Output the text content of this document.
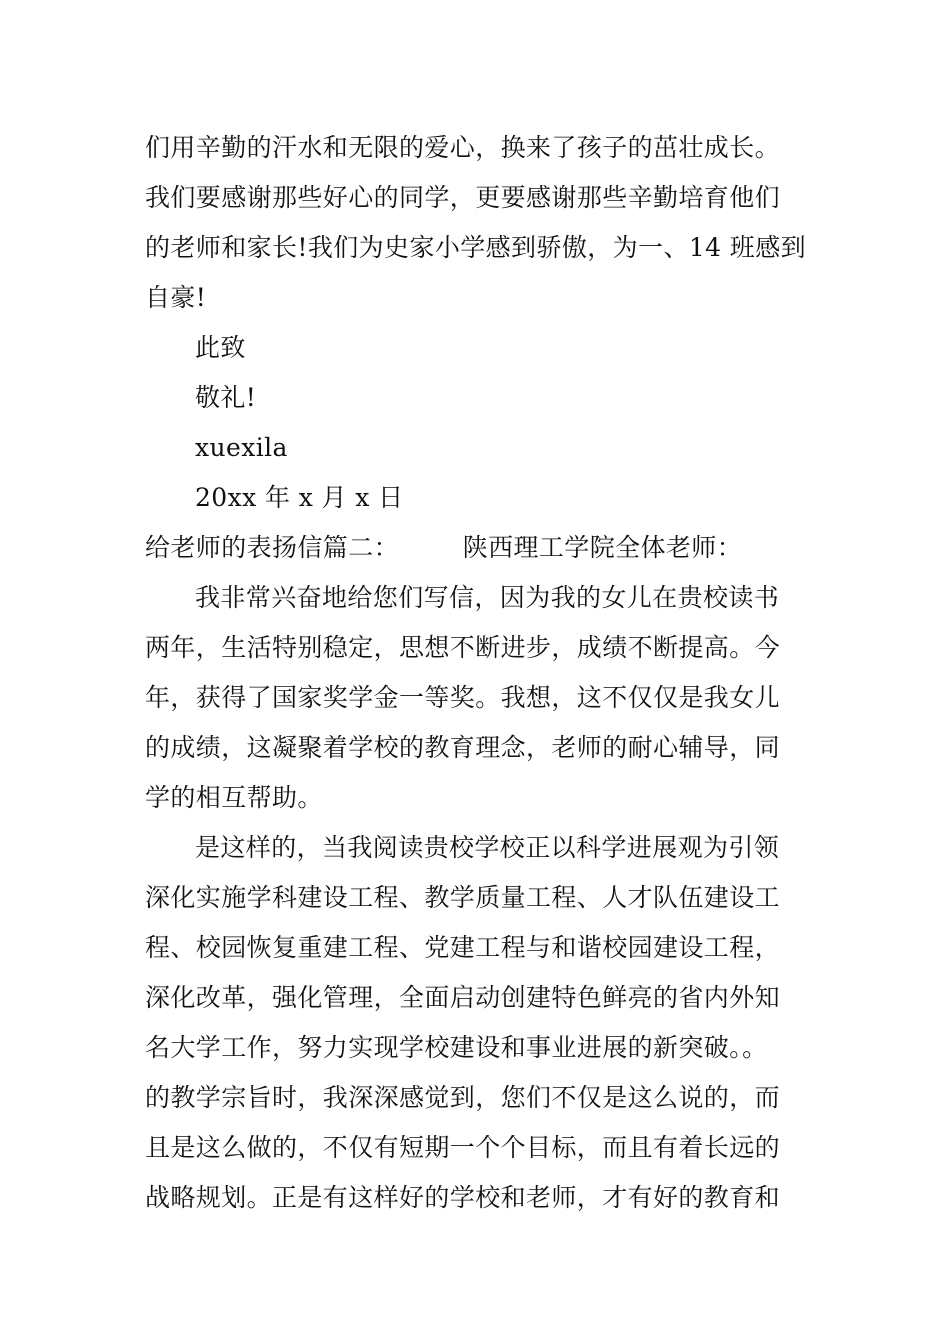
们用辛勤的汗水和无限的爱心，换来了孩子的茁壮成长。
我们要感谢那些好心的同学，更要感谢那些辛勤培育他们
的老师和家长!我们为史家小学感到骄傲，为一、14 班感到
自豪!
此致
敬礼!
xuexila
20xx 年 x 月 x 日
给老师的表扬信篇二：　　　陕西理工学院全体老师：
我非常兴奋地给您们写信，因为我的女儿在贵校读书
两年，生活特别稳定，思想不断进步，成绩不断提高。今
年，获得了国家奖学金一等奖。我想，这不仅仅是我女儿
的成绩，这凝聚着学校的教育理念，老师的耐心辅导，同
学的相互帮助。
是这样的，当我阅读贵校学校正以科学进展观为引领
深化实施学科建设工程、教学质量工程、人才队伍建设工
程、校园恢复重建工程、党建工程与和谐校园建设工程，
深化改革，强化管理，全面启动创建特色鲜亮的省内外知
名大学工作，努力实现学校建设和事业进展的新突破。。
的教学宗旨时，我深深感觉到，您们不仅是这么说的，而
且是这么做的，不仅有短期一个个目标，而且有着长远的
战略规划。正是有这样好的学校和老师，才有好的教育和
